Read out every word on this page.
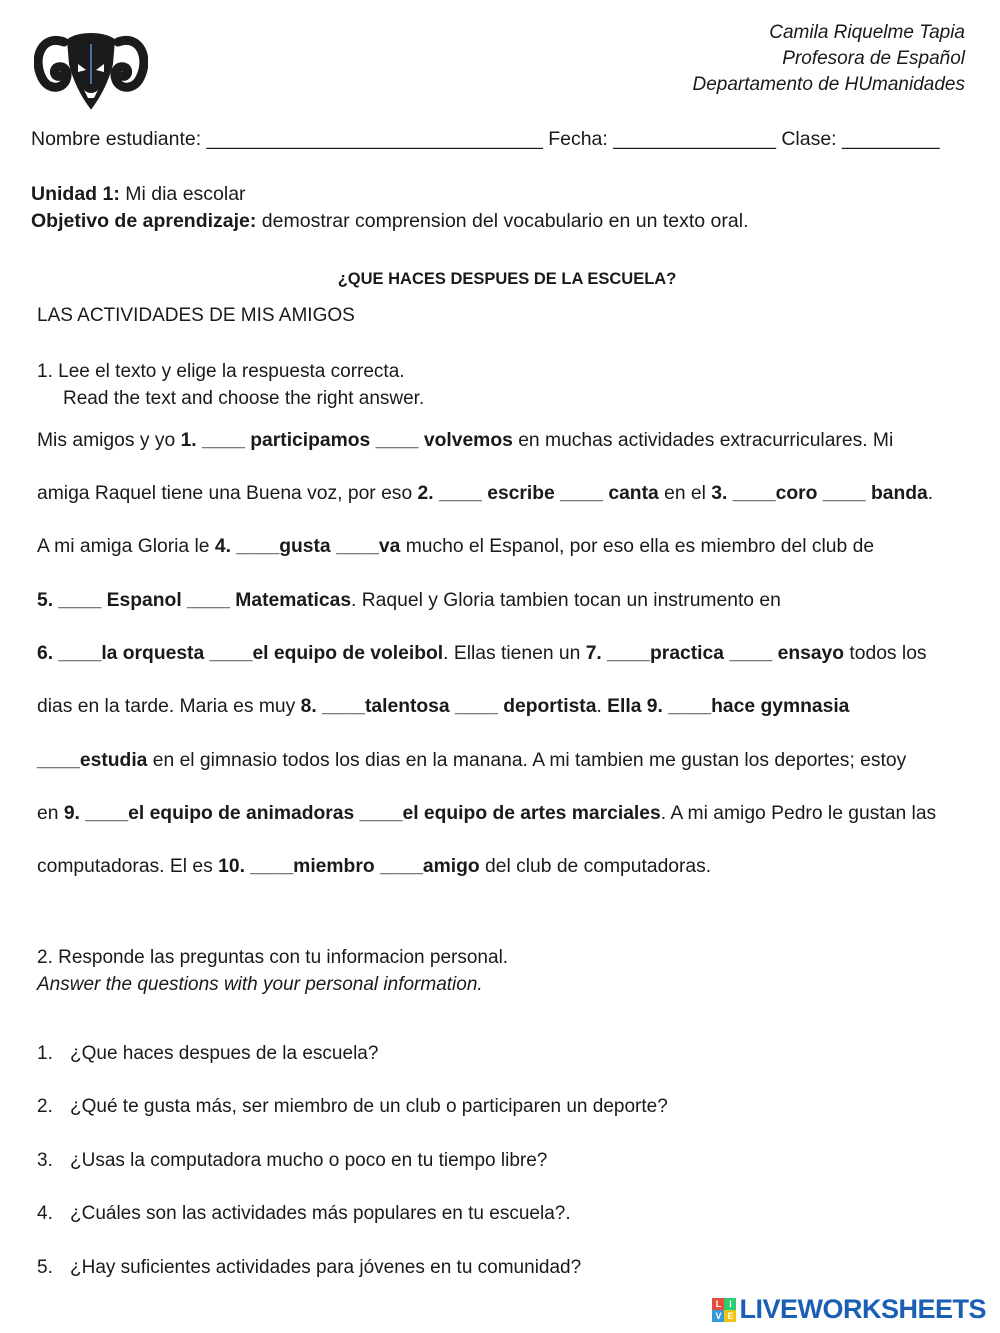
Camila Riquelme Tapia
Profesora de Español
Departamento de HUmanidades
Nombre estudiante: _______________________________ Fecha: _______________ Clase: _________
Unidad 1: Mi dia escolar
Objetivo de aprendizaje: demostrar comprension del vocabulario en un texto oral.
¿QUE HACES DESPUES DE LA ESCUELA?
LAS ACTIVIDADES DE MIS AMIGOS
1. Lee el texto y elige la respuesta correcta.
Read the text and choose the right answer.
Mis amigos y yo 1. ____ participamos ____ volvemos en muchas actividades extracurriculares. Mi
amiga Raquel tiene una Buena voz, por eso 2. ____ escribe ____ canta en el 3. ____coro ____ banda.
A mi amiga Gloria le 4. ____gusta ____va mucho el Espanol, por eso ella es miembro del club de
5. ____ Espanol ____ Matematicas. Raquel y Gloria tambien tocan un instrumento en
6. ____la orquesta ____el equipo de voleibol. Ellas tienen un 7. ____practica ____ ensayo todos los
dias en la tarde. Maria es muy 8. ____talentosa ____ deportista. Ella 9. ____hace gymnasia
____estudia en el gimnasio todos los dias en la manana. A mi tambien me gustan los deportes; estoy
en 9. ____el equipo de animadoras ____el equipo de artes marciales. A mi amigo Pedro le gustan las
computadoras. El es 10. ____miembro ____amigo del club de computadoras.
2. Responde las preguntas con tu informacion personal.
Answer the questions with your personal information.
1. ¿Que haces despues de la escuela?
2. ¿Qué te gusta más, ser miembro de un club o participaren un deporte?
3. ¿Usas la computadora mucho o poco en tu tiempo libre?
4. ¿Cuáles son las actividades más populares en tu escuela?.
5. ¿Hay suficientes actividades para jóvenes en tu comunidad?
L I
V E LIVEWORKSHEETS
